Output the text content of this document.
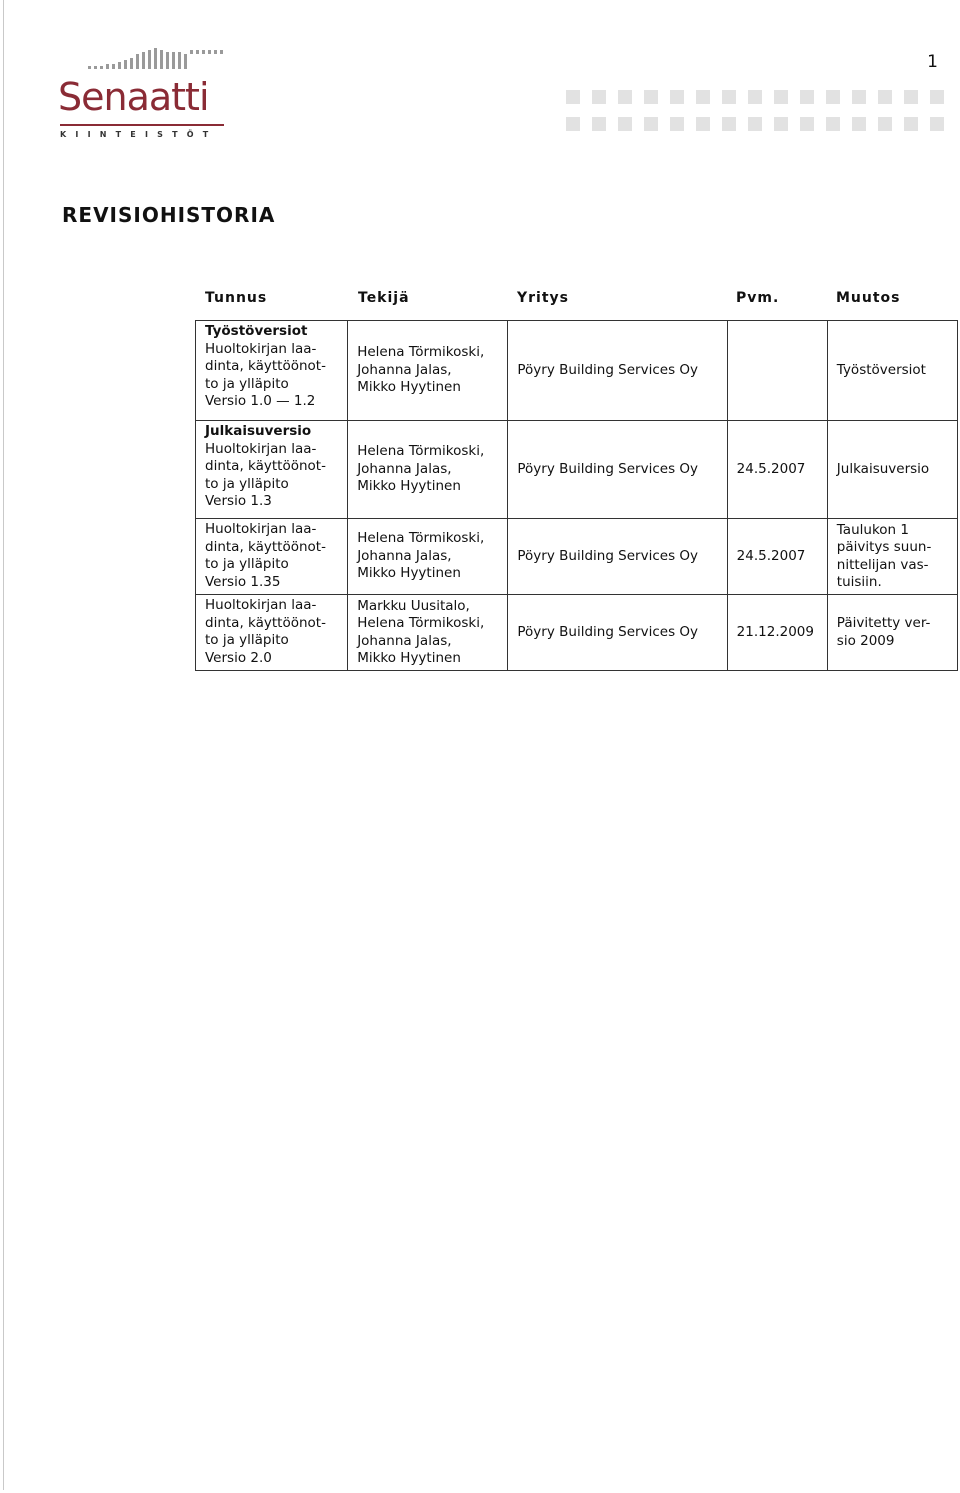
1
Senaatti
KIINTEISTÖT
REVISIOHISTORIA
Tunnus	Tekijä	Yritys	Pvm.	Muutos
Työstöversiot
Huoltokirjan laa-
dinta, käyttöönot-
to ja ylläpito
Versio 1.0 — 1.2	Helena Törmikoski,
Johanna Jalas,
Mikko Hyytinen	Pöyry Building Services Oy		Työstöversiot

Julkaisuversio
Huoltokirjan laa-
dinta, käyttöönot-
to ja ylläpito
Versio 1.3	Helena Törmikoski,
Johanna Jalas,
Mikko Hyytinen	Pöyry Building Services Oy	24.5.2007	Julkaisuversio

Huoltokirjan laa-
dinta, käyttöönot-
to ja ylläpito
Versio 1.35	Helena Törmikoski,
Johanna Jalas,
Mikko Hyytinen	Pöyry Building Services Oy	24.5.2007	Taulukon 1
päivitys suun-
nittelijan vas-
tuisiin.

Huoltokirjan laa-
dinta, käyttöönot-
to ja ylläpito
Versio 2.0	Markku Uusitalo,
Helena Törmikoski,
Johanna Jalas,
Mikko Hyytinen	Pöyry Building Services Oy	21.12.2009	Päivitetty ver-
sio 2009
